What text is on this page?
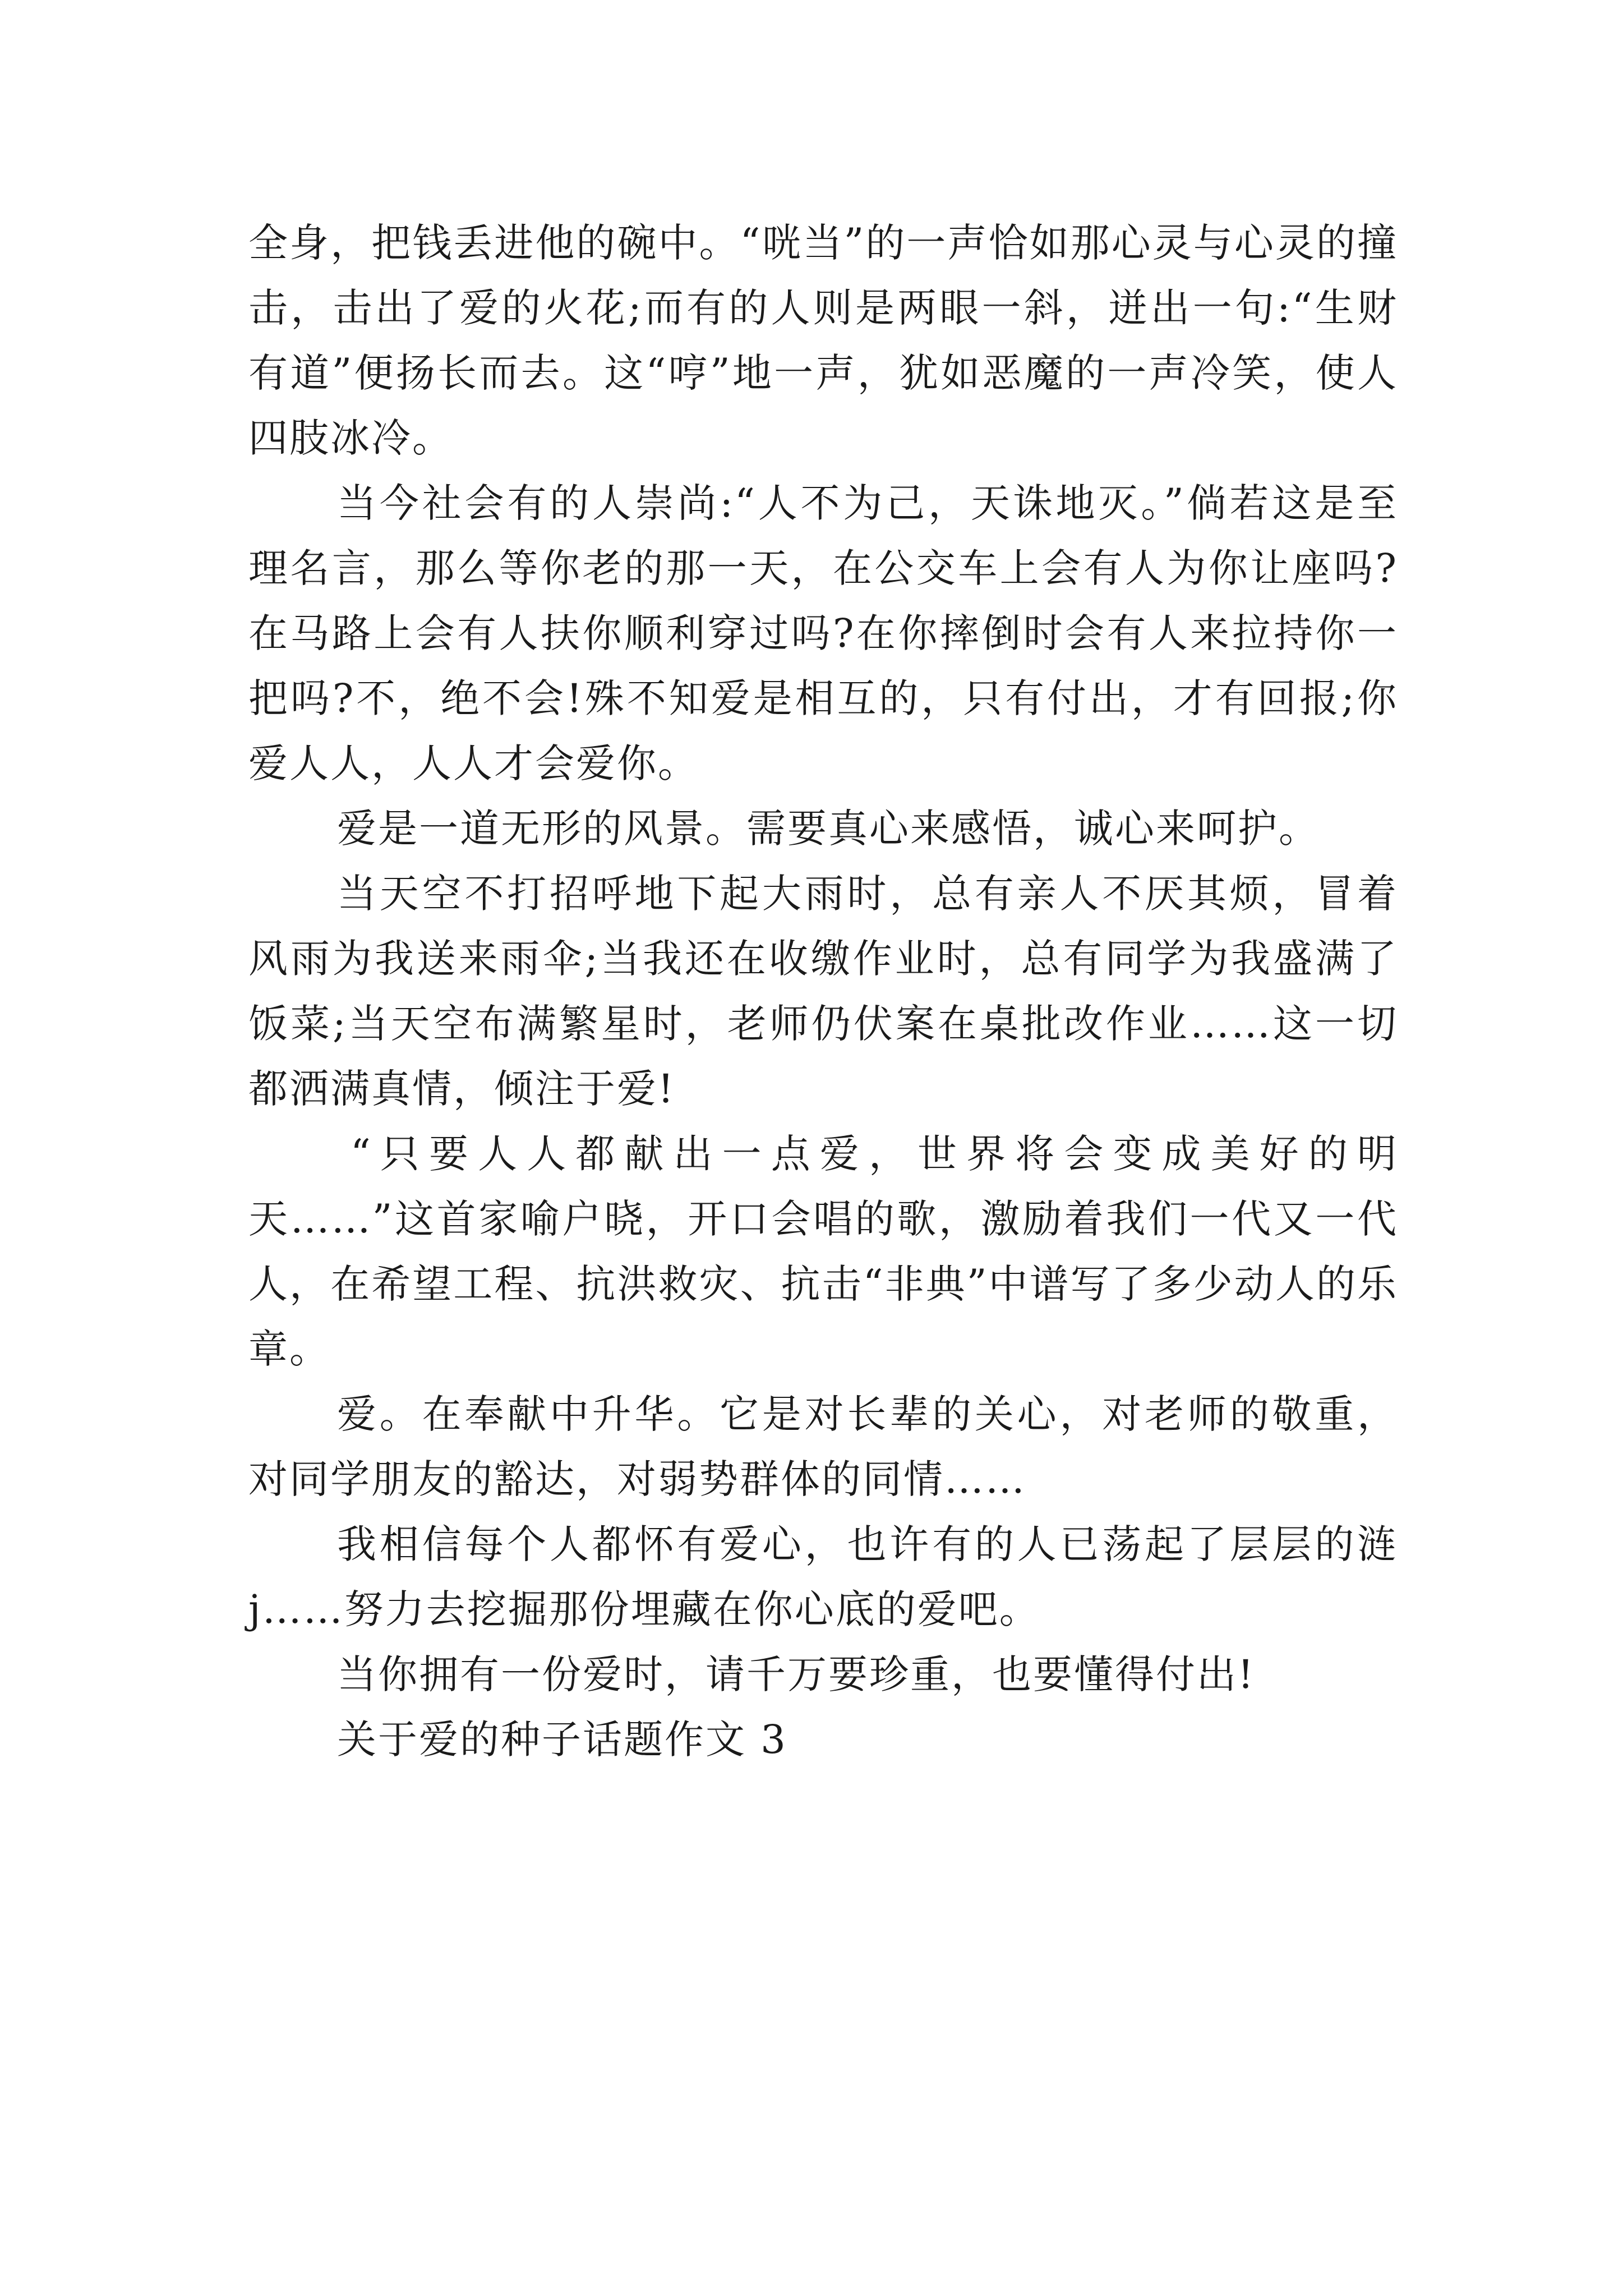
全身，把钱丢进他的碗中。“咣当”的一声恰如那心灵与心灵的撞击，击出了爱的火花;而有的人则是两眼一斜，迸出一句:“生财有道”便扬长而去。这“哼”地一声，犹如恶魔的一声冷笑，使人四肢冰冷。

当今社会有的人崇尚:“人不为己，天诛地灭。”倘若这是至理名言，那么等你老的那一天，在公交车上会有人为你让座吗?在马路上会有人扶你顺利穿过吗?在你摔倒时会有人来拉持你一把吗?不，绝不会!殊不知爱是相互的，只有付出，才有回报;你爱人人，人人才会爱你。

爱是一道无形的风景。需要真心来感悟，诚心来呵护。

当天空不打招呼地下起大雨时，总有亲人不厌其烦，冒着风雨为我送来雨伞;当我还在收缴作业时，总有同学为我盛满了饭菜;当天空布满繁星时，老师仍伏案在桌批改作业……这一切都洒满真情，倾注于爱!

“只要人人都献出一点爱，世界将会变成美好的明天……”这首家喻户晓，开口会唱的歌，激励着我们一代又一代人，在希望工程、抗洪救灾、抗击“非典”中谱写了多少动人的乐章。

爱。在奉献中升华。它是对长辈的关心，对老师的敬重，对同学朋友的豁达，对弱势群体的同情……

我相信每个人都怀有爱心，也许有的人已荡起了层层的涟 j……努力去挖掘那份埋藏在你心底的爱吧。

当你拥有一份爱时，请千万要珍重，也要懂得付出!

关于爱的种子话题作文 3
